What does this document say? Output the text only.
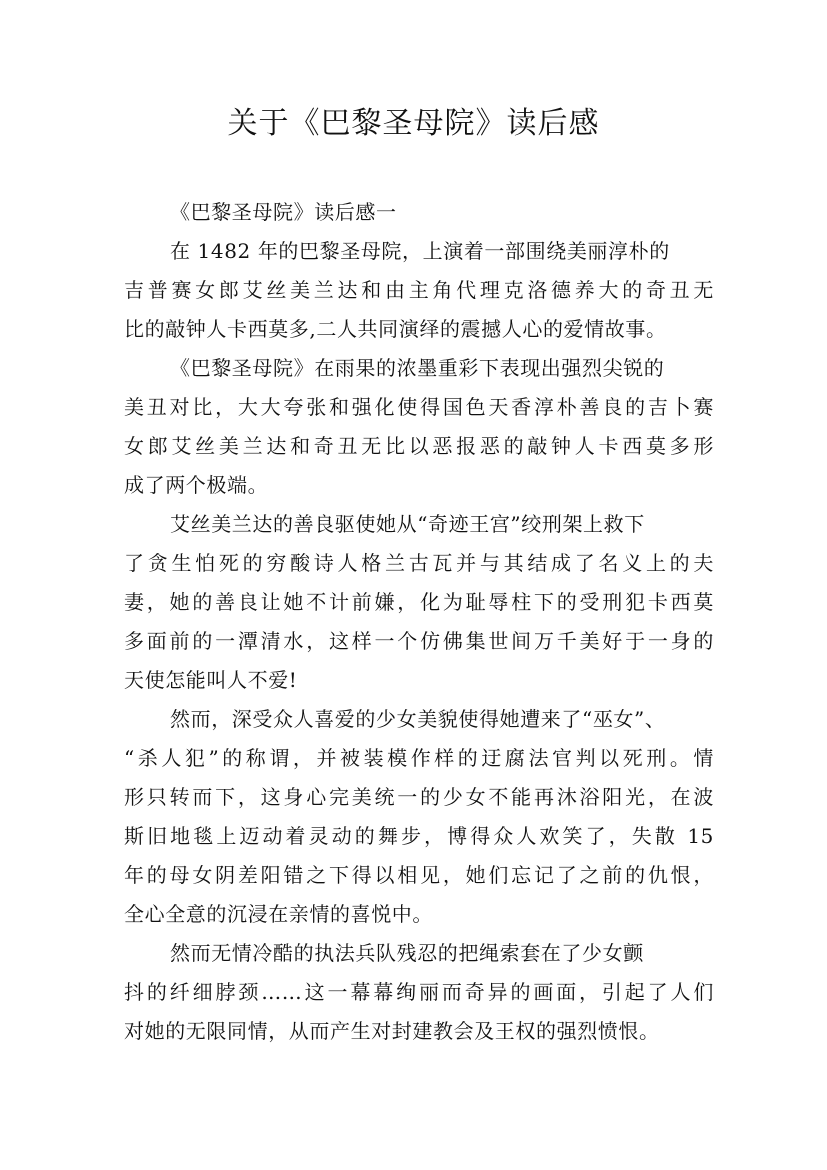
关于《巴黎圣母院》读后感
《巴黎圣母院》读后感一
在 1482 年的巴黎圣母院，上演着一部围绕美丽淳朴的
吉普赛女郎艾丝美兰达和由主角代理克洛德养大的奇丑无
比的敲钟人卡西莫多,二人共同演绎的震撼人心的爱情故事。
《巴黎圣母院》在雨果的浓墨重彩下表现出强烈尖锐的
美丑对比，大大夸张和强化使得国色天香淳朴善良的吉卜赛
女郎艾丝美兰达和奇丑无比以恶报恶的敲钟人卡西莫多形
成了两个极端。
艾丝美兰达的善良驱使她从“奇迹王宫”绞刑架上救下
了贪生怕死的穷酸诗人格兰古瓦并与其结成了名义上的夫
妻，她的善良让她不计前嫌，化为耻辱柱下的受刑犯卡西莫
多面前的一潭清水，这样一个仿佛集世间万千美好于一身的
天使怎能叫人不爱!
然而，深受众人喜爱的少女美貌使得她遭来了“巫女”、
“杀人犯”的称谓，并被装模作样的迂腐法官判以死刑。情
形只转而下，这身心完美统一的少女不能再沐浴阳光，在波
斯旧地毯上迈动着灵动的舞步，博得众人欢笑了，失散 15
年的母女阴差阳错之下得以相见，她们忘记了之前的仇恨，
全心全意的沉浸在亲情的喜悦中。
然而无情冷酷的执法兵队残忍的把绳索套在了少女颤
抖的纤细脖颈……这一幕幕绚丽而奇异的画面，引起了人们
对她的无限同情，从而产生对封建教会及王权的强烈愤恨。
